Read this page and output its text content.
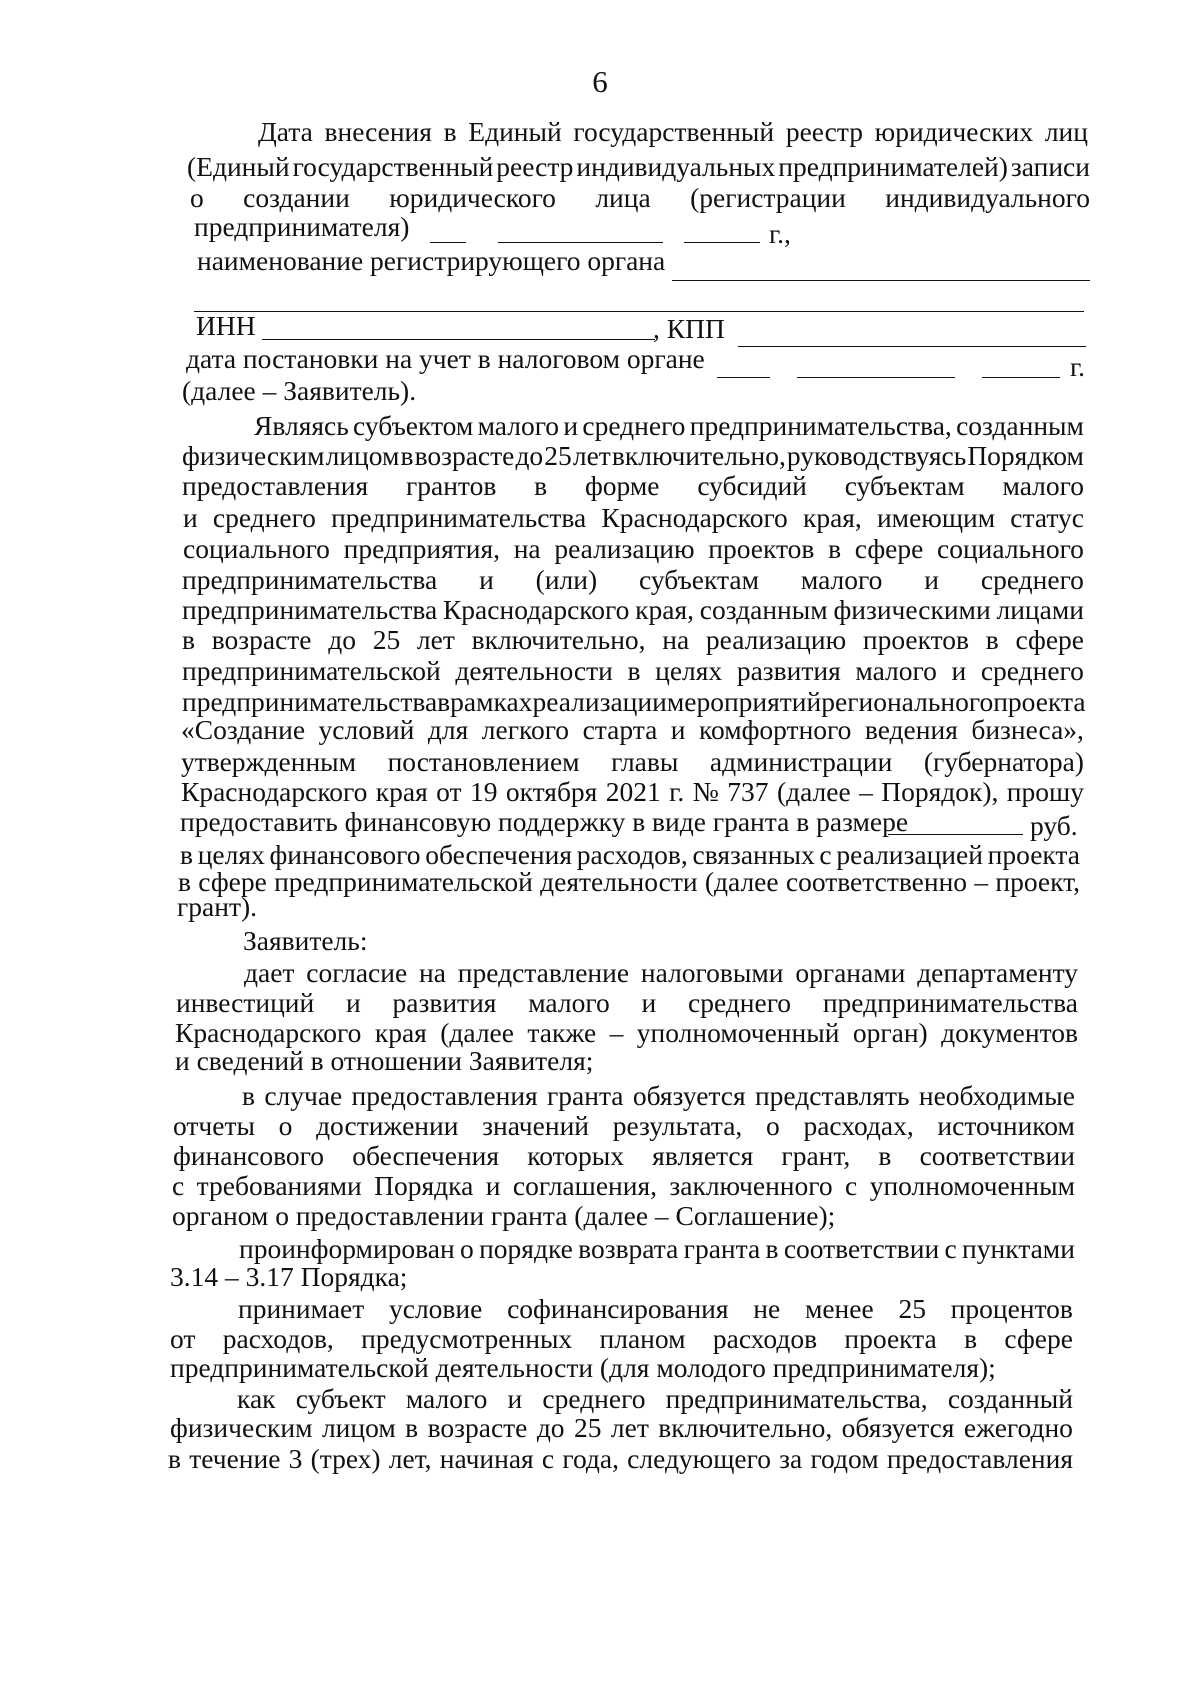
6
Дата внесения в Единый государственный реестр юридических лиц
(Единый государственный реестр индивидуальных предпринимателей) записи
о создании юридического лица (регистрации индивидуального
предпринимателя)	г.,
наименование регистрирующего органа
ИНН	, КПП
дата постановки на учет в налоговом органе	г.
(далее – Заявитель).
Являясь субъектом малого и среднего предпринимательства, созданным
физическим лицом в возрасте до 25 лет включительно, руководствуясь Порядком
предоставления грантов в форме субсидий субъектам малого
и среднего предпринимательства Краснодарского края, имеющим статус
социального предприятия, на реализацию проектов в сфере социального
предпринимательства и (или) субъектам малого и среднего
предпринимательства Краснодарского края, созданным физическими лицами
в возрасте до 25 лет включительно, на реализацию проектов в сфере
предпринимательской деятельности в целях развития малого и среднего
предпринимательства в рамках реализации мероприятий регионального проекта
«Создание условий для легкого старта и комфортного ведения бизнеса»,
утвержденным постановлением главы администрации (губернатора)
Краснодарского края от 19 октября 2021 г. № 737 (далее – Порядок), прошу
предоставить финансовую поддержку в виде гранта в размере	руб.
в целях финансового обеспечения расходов, связанных с реализацией проекта
в сфере предпринимательской деятельности (далее соответственно – проект,
грант).
Заявитель:
дает согласие на представление налоговыми органами департаменту
инвестиций и развития малого и среднего предпринимательства
Краснодарского края (далее также – уполномоченный орган) документов
и сведений в отношении Заявителя;
в случае предоставления гранта обязуется представлять необходимые
отчеты о достижении значений результата, о расходах, источником
финансового обеспечения которых является грант, в соответствии
с требованиями Порядка и соглашения, заключенного с уполномоченным
органом о предоставлении гранта (далее – Соглашение);
проинформирован о порядке возврата гранта в соответствии с пунктами
3.14 – 3.17 Порядка;
принимает условие софинансирования не менее 25 процентов
от расходов, предусмотренных планом расходов проекта в сфере
предпринимательской деятельности (для молодого предпринимателя);
как субъект малого и среднего предпринимательства, созданный
физическим лицом в возрасте до 25 лет включительно, обязуется ежегодно
в течение 3 (трех) лет, начиная с года, следующего за годом предоставления
